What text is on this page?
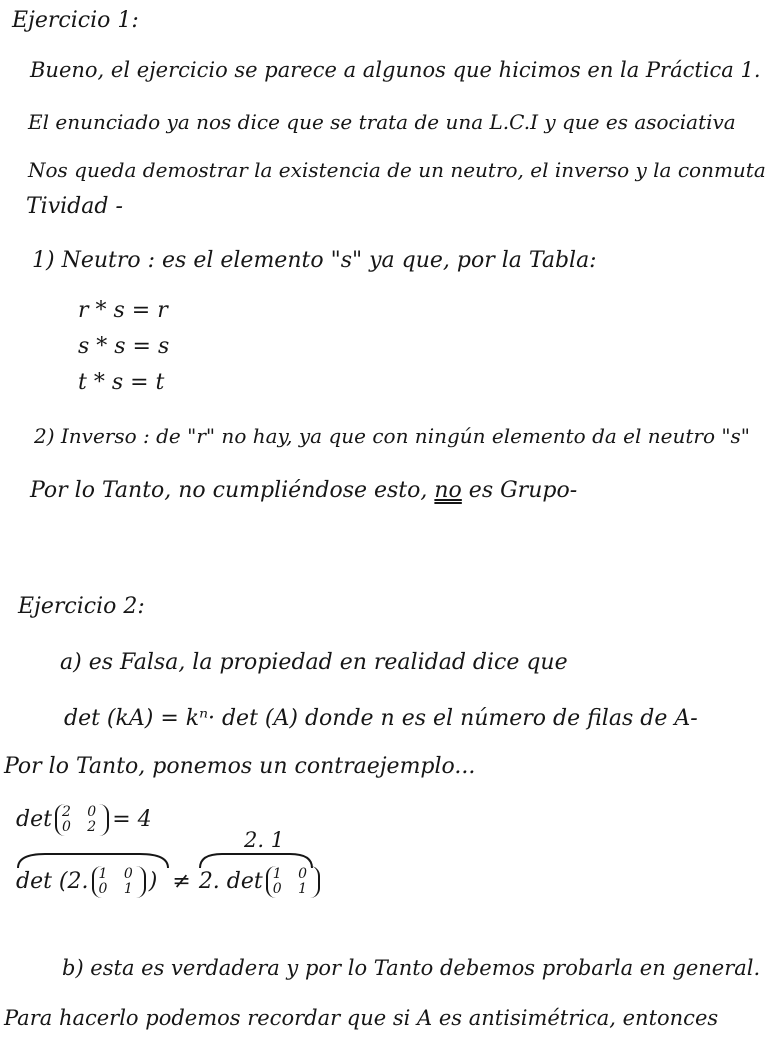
Ejercicio 1:
Bueno, el ejercicio se parece a algunos que hicimos en la Práctica 1.
El enunciado ya nos dice que se trata de una L.C.I y que es asociativa
Nos queda demostrar la existencia de un neutro, el inverso y la conmuta
Tividad -
1) Neutro : es el elemento "s" ya que, por la Tabla:
r * s = r
s * s = s
t * s = t
2) Inverso : de "r" no hay, ya que con ningún elemento da el neutro "s"
Por lo Tanto, no cumpliéndose esto, no es Grupo-
Ejercicio 2:
a) es Falsa, la propiedad en realidad dice que
det (kA) = kⁿ· det (A) donde n es el número de filas de A-
Por lo Tanto, ponemos un contraejemplo...
det 2 0
0 2 = 4
2. 1
det (2. 1 0
0 1 ) ≠ 2. det 1 0
0 1
b) esta es verdadera y por lo Tanto debemos probarla en general.
Para hacerlo podemos recordar que si A es antisimétrica, entonces
